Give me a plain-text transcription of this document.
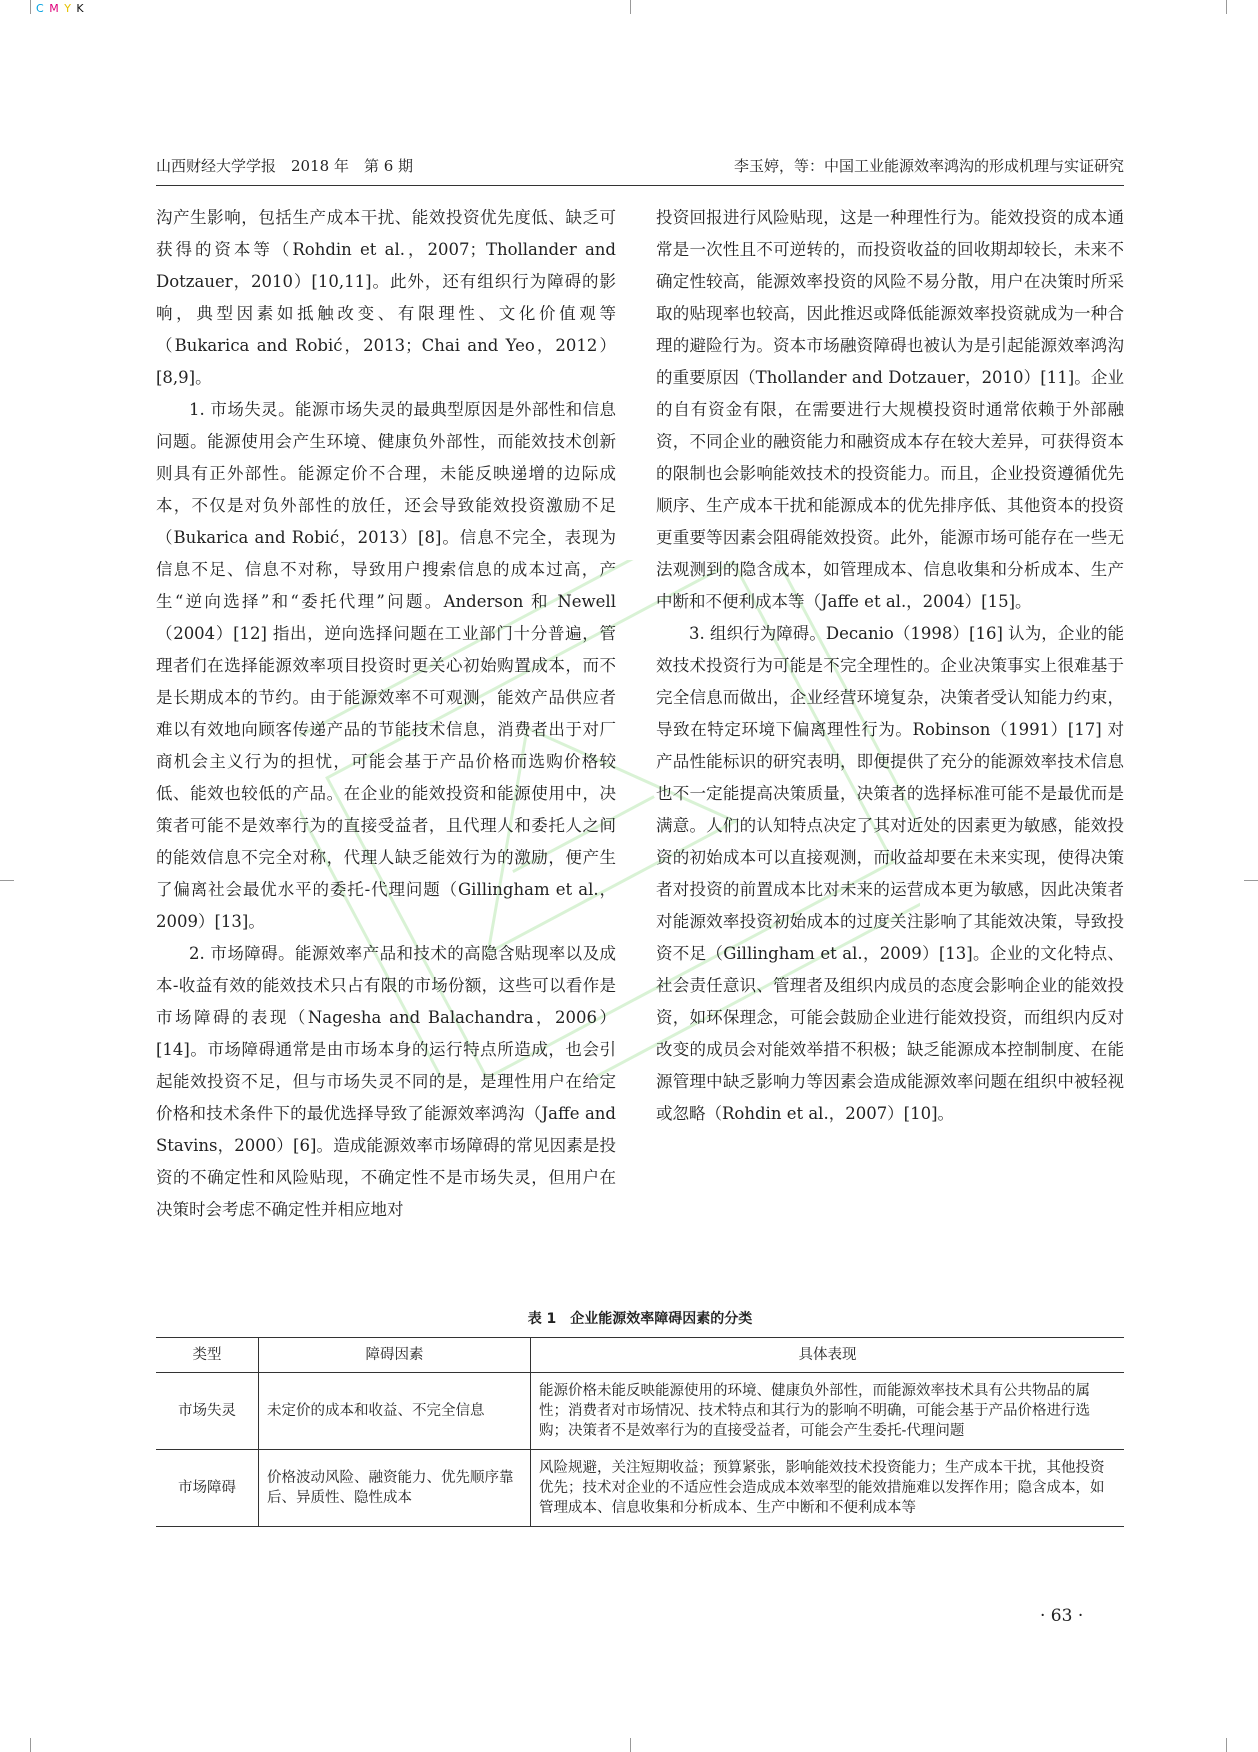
C M Y K
山西财经大学学报　2018 年　第 6 期	李玉婷，等：中国工业能源效率鸿沟的形成机理与实证研究

沟产生影响，包括生产成本干扰、能效投资优先度低、缺乏可获得的资本等（Rohdin et al.，2007；Thollander and Dotzauer，2010）[10,11]。此外，还有组织行为障碍的影响，典型因素如抵触改变、有限理性、文化价值观等（Bukarica and Robić，2013；Chai and Yeo，2012）[8,9]。

1. 市场失灵。能源市场失灵的最典型原因是外部性和信息问题。能源使用会产生环境、健康负外部性，而能效技术创新则具有正外部性。能源定价不合理，未能反映递增的边际成本，不仅是对负外部性的放任，还会导致能效投资激励不足（Bukarica and Robić，2013）[8]。信息不完全，表现为信息不足、信息不对称，导致用户搜索信息的成本过高，产生“逆向选择”和“委托代理”问题。Anderson 和 Newell（2004）[12] 指出，逆向选择问题在工业部门十分普遍，管理者们在选择能源效率项目投资时更关心初始购置成本，而不是长期成本的节约。由于能源效率不可观测，能效产品供应者难以有效地向顾客传递产品的节能技术信息，消费者出于对厂商机会主义行为的担忧，可能会基于产品价格而选购价格较低、能效也较低的产品。在企业的能效投资和能源使用中，决策者可能不是效率行为的直接受益者，且代理人和委托人之间的能效信息不完全对称，代理人缺乏能效行为的激励，便产生了偏离社会最优水平的委托-代理问题（Gillingham et al.，2009）[13]。

2. 市场障碍。能源效率产品和技术的高隐含贴现率以及成本-收益有效的能效技术只占有限的市场份额，这些可以看作是市场障碍的表现（Nagesha and Balachandra，2006）[14]。市场障碍通常是由市场本身的运行特点所造成，也会引起能效投资不足，但与市场失灵不同的是，是理性用户在给定价格和技术条件下的最优选择导致了能源效率鸿沟（Jaffe and Stavins，2000）[6]。造成能源效率市场障碍的常见因素是投资的不确定性和风险贴现，不确定性不是市场失灵，但用户在决策时会考虑不确定性并相应地对

投资回报进行风险贴现，这是一种理性行为。能效投资的成本通常是一次性且不可逆转的，而投资收益的回收期却较长，未来不确定性较高，能源效率投资的风险不易分散，用户在决策时所采取的贴现率也较高，因此推迟或降低能源效率投资就成为一种合理的避险行为。资本市场融资障碍也被认为是引起能源效率鸿沟的重要原因（Thollander and Dotzauer，2010）[11]。企业的自有资金有限，在需要进行大规模投资时通常依赖于外部融资，不同企业的融资能力和融资成本存在较大差异，可获得资本的限制也会影响能效技术的投资能力。而且，企业投资遵循优先顺序、生产成本干扰和能源成本的优先排序低、其他资本的投资更重要等因素会阻碍能效投资。此外，能源市场可能存在一些无法观测到的隐含成本，如管理成本、信息收集和分析成本、生产中断和不便利成本等（Jaffe et al.，2004）[15]。

3. 组织行为障碍。Decanio（1998）[16] 认为，企业的能效技术投资行为可能是不完全理性的。企业决策事实上很难基于完全信息而做出，企业经营环境复杂，决策者受认知能力约束，导致在特定环境下偏离理性行为。Robinson（1991）[17] 对产品性能标识的研究表明，即便提供了充分的能源效率技术信息也不一定能提高决策质量，决策者的选择标准可能不是最优而是满意。人们的认知特点决定了其对近处的因素更为敏感，能效投资的初始成本可以直接观测，而收益却要在未来实现，使得决策者对投资的前置成本比对未来的运营成本更为敏感，因此决策者对能源效率投资初始成本的过度关注影响了其能效决策，导致投资不足（Gillingham et al.，2009）[13]。企业的文化特点、社会责任意识、管理者及组织内成员的态度会影响企业的能效投资，如环保理念，可能会鼓励企业进行能效投资，而组织内反对改变的成员会对能效举措不积极；缺乏能源成本控制制度、在能源管理中缺乏影响力等因素会造成能源效率问题在组织中被轻视或忽略（Rohdin et al.，2007）[10]。

表 1　企业能源效率障碍因素的分类
类型	障碍因素	具体表现
市场失灵	未定价的成本和收益、不完全信息	能源价格未能反映能源使用的环境、健康负外部性，而能源效率技术具有公共物品的属性；消费者对市场情况、技术特点和其行为的影响不明确，可能会基于产品价格进行选购；决策者不是效率行为的直接受益者，可能会产生委托-代理问题
市场障碍	价格波动风险、融资能力、优先顺序靠后、异质性、隐性成本	风险规避，关注短期收益；预算紧张，影响能效技术投资能力；生产成本干扰，其他投资优先；技术对企业的不适应性会造成成本效率型的能效措施难以发挥作用；隐含成本，如管理成本、信息收集和分析成本、生产中断和不便利成本等
· 63 ·
